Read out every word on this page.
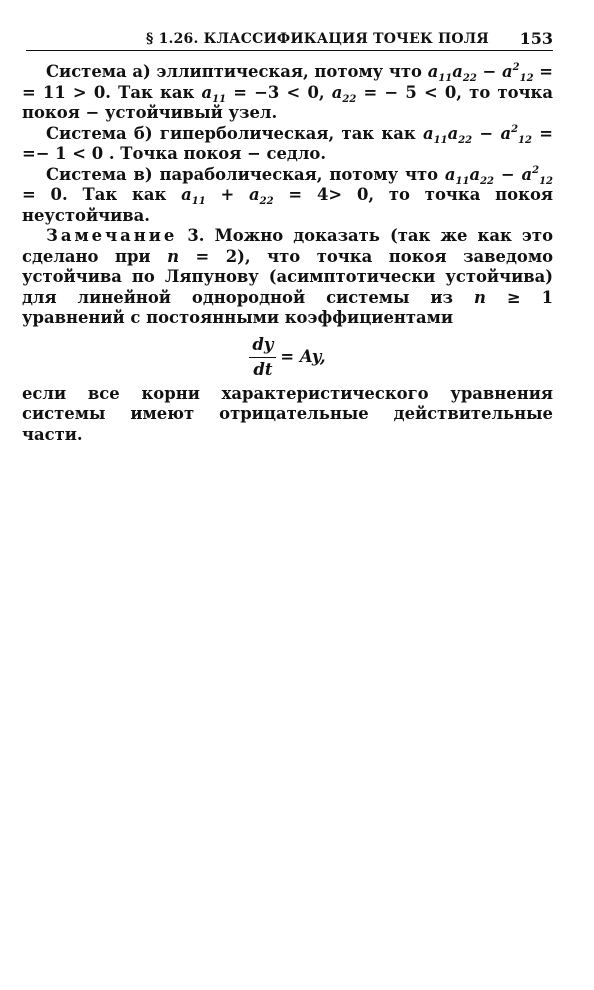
§ 1.26. КЛАССИФИКАЦИЯ ТОЧЕК ПОЛЯ 153

Система а) эллиптическая, потому что $a_{11}a_{22} - a^2_{12}$ = = 11 > 0. Так как $a_{11} = -3 < 0$, $a_{22}$ = − 5 < 0, то точка покоя − устойчивый узел.

Система б) гиперболическая, так как $a_{11}a_{22} - a^2_{12}$ = =− 1 < 0 . Точка покоя − седло.

Система в) параболическая, потому что $a_{11}a_{22} - a^2_{12} = 0$. Так как $a_{11} + a_{22} = 4> 0$, то точка покоя неустойчива.

Замечание 3. Можно доказать (так же как это сделано при n = 2), что точка покоя заведомо устойчива по Ляпунову (асимптотически устойчива) для линейной однородной системы из n ≥ 1 уравнений с постоянными коэффициентами

$\frac{dy}{dt} = Ay$,

если все корни характеристического уравнения системы имеют отрицательные действительные части.
